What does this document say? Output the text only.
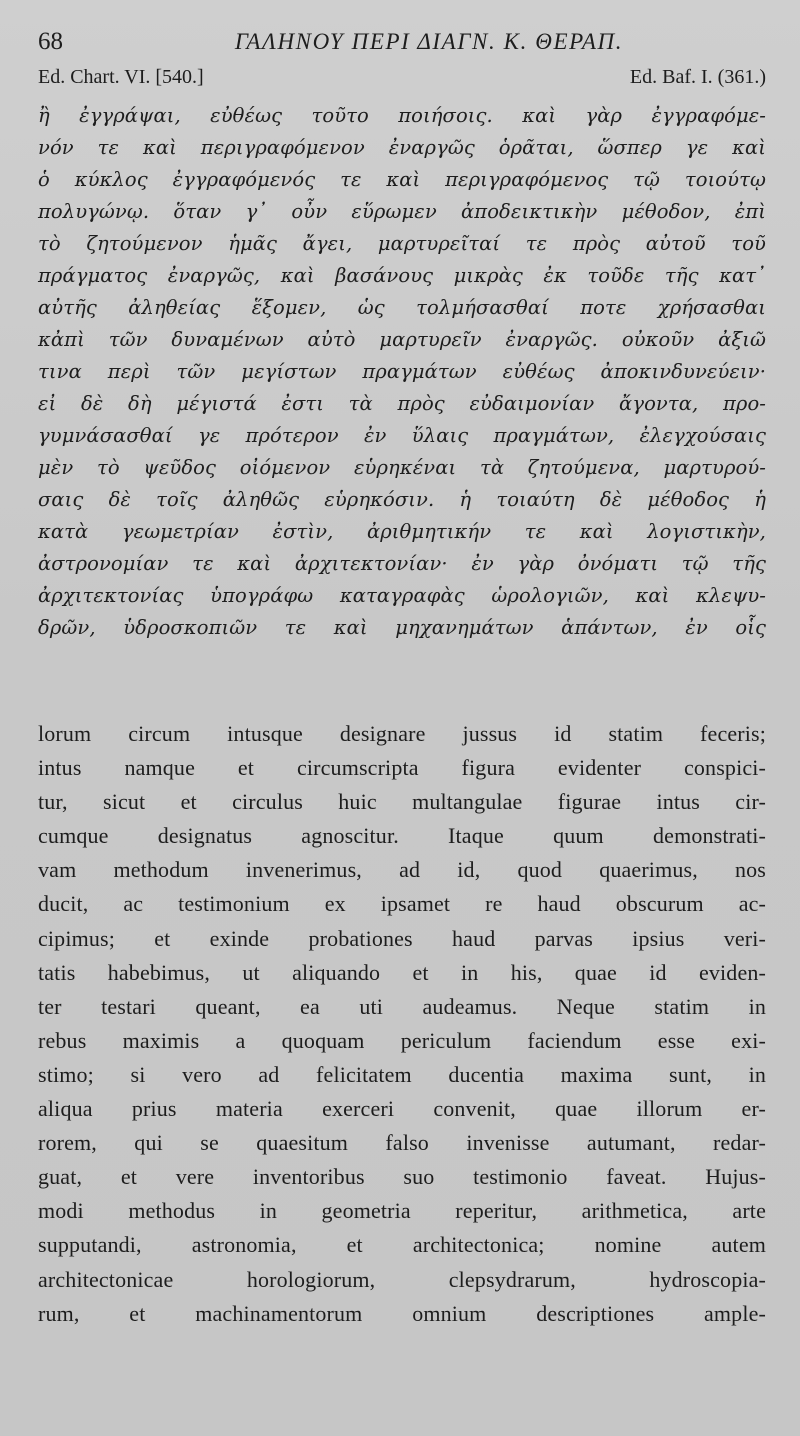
68	ΓΑΛΗΝΟΥ ΠΕΡΙ ΔΙΑΓΝ. Κ. ΘΕΡΑΠ.
Ed. Chart. VI. [540.]	Ed. Baf. I. (361.)
ἢ ἐγγράψαι, εὐθέως τοῦτο ποιήσοις. καὶ γὰρ ἐγγραφόμε-
νόν τε καὶ περιγραφόμενον ἐναργῶς ὁρᾶται, ὥσπερ γε καὶ
ὁ κύκλος ἐγγραφόμενός τε καὶ περιγραφόμενος τῷ τοιούτῳ
πολυγώνῳ. ὅταν γ᾽ οὖν εὕρωμεν ἀποδεικτικὴν μέθοδον, ἐπὶ
τὸ ζητούμενον ἡμᾶς ἄγει, μαρτυρεῖταί τε πρὸς αὐτοῦ τοῦ
πράγματος ἐναργῶς, καὶ βασάνους μικρὰς ἐκ τοῦδε τῆς κατ᾽
αὐτῆς ἀληθείας ἕξομεν, ὡς τολμήσασθαί ποτε χρήσασθαι
κἀπὶ τῶν δυναμένων αὐτὸ μαρτυρεῖν ἐναργῶς. οὐκοῦν ἀξιῶ
τινα περὶ τῶν μεγίστων πραγμάτων εὐθέως ἀποκινδυνεύειν·
εἰ δὲ δὴ μέγιστά ἐστι τὰ πρὸς εὐδαιμονίαν ἄγοντα, προ-
γυμνάσασθαί γε πρότερον ἐν ὕλαις πραγμάτων, ἐλεγχούσαις
μὲν τὸ ψεῦδος οἰόμενον εὑρηκέναι τὰ ζητούμενα, μαρτυρού-
σαις δὲ τοῖς ἀληθῶς εὑρηκόσιν. ἡ τοιαύτη δὲ μέθοδος ἡ
κατὰ γεωμετρίαν ἐστὶν, ἀριθμητικήν τε καὶ λογιστικὴν,
ἀστρονομίαν τε καὶ ἀρχιτεκτονίαν· ἐν γὰρ ὀνόματι τῷ τῆς
ἀρχιτεκτονίας ὑπογράφω καταγραφὰς ὡρολογιῶν, καὶ κλεψυ-
δρῶν, ὑδροσκοπιῶν τε καὶ μηχανημάτων ἁπάντων, ἐν οἷς
lorum circum intusque designare jussus id statim feceris;
intus namque et circumscripta figura evidenter conspici-
tur, sicut et circulus huic multangulae figurae intus cir-
cumque designatus agnoscitur. Itaque quum demonstrati-
vam methodum invenerimus, ad id, quod quaerimus, nos
ducit, ac testimonium ex ipsamet re haud obscurum ac-
cipimus; et exinde probationes haud parvas ipsius veri-
tatis habebimus, ut aliquando et in his, quae id eviden-
ter testari queant, ea uti audeamus. Neque statim in
rebus maximis a quoquam periculum faciendum esse exi-
stimo; si vero ad felicitatem ducentia maxima sunt, in
aliqua prius materia exerceri convenit, quae illorum er-
rorem, qui se quaesitum falso invenisse autumant, redar-
guat, et vere inventoribus suo testimonio faveat. Hujus-
modi methodus in geometria reperitur, arithmetica, arte
supputandi, astronomia, et architectonica; nomine autem
architectonicae horologiorum, clepsydrarum, hydroscopia-
rum, et machinamentorum omnium descriptiones ample-
